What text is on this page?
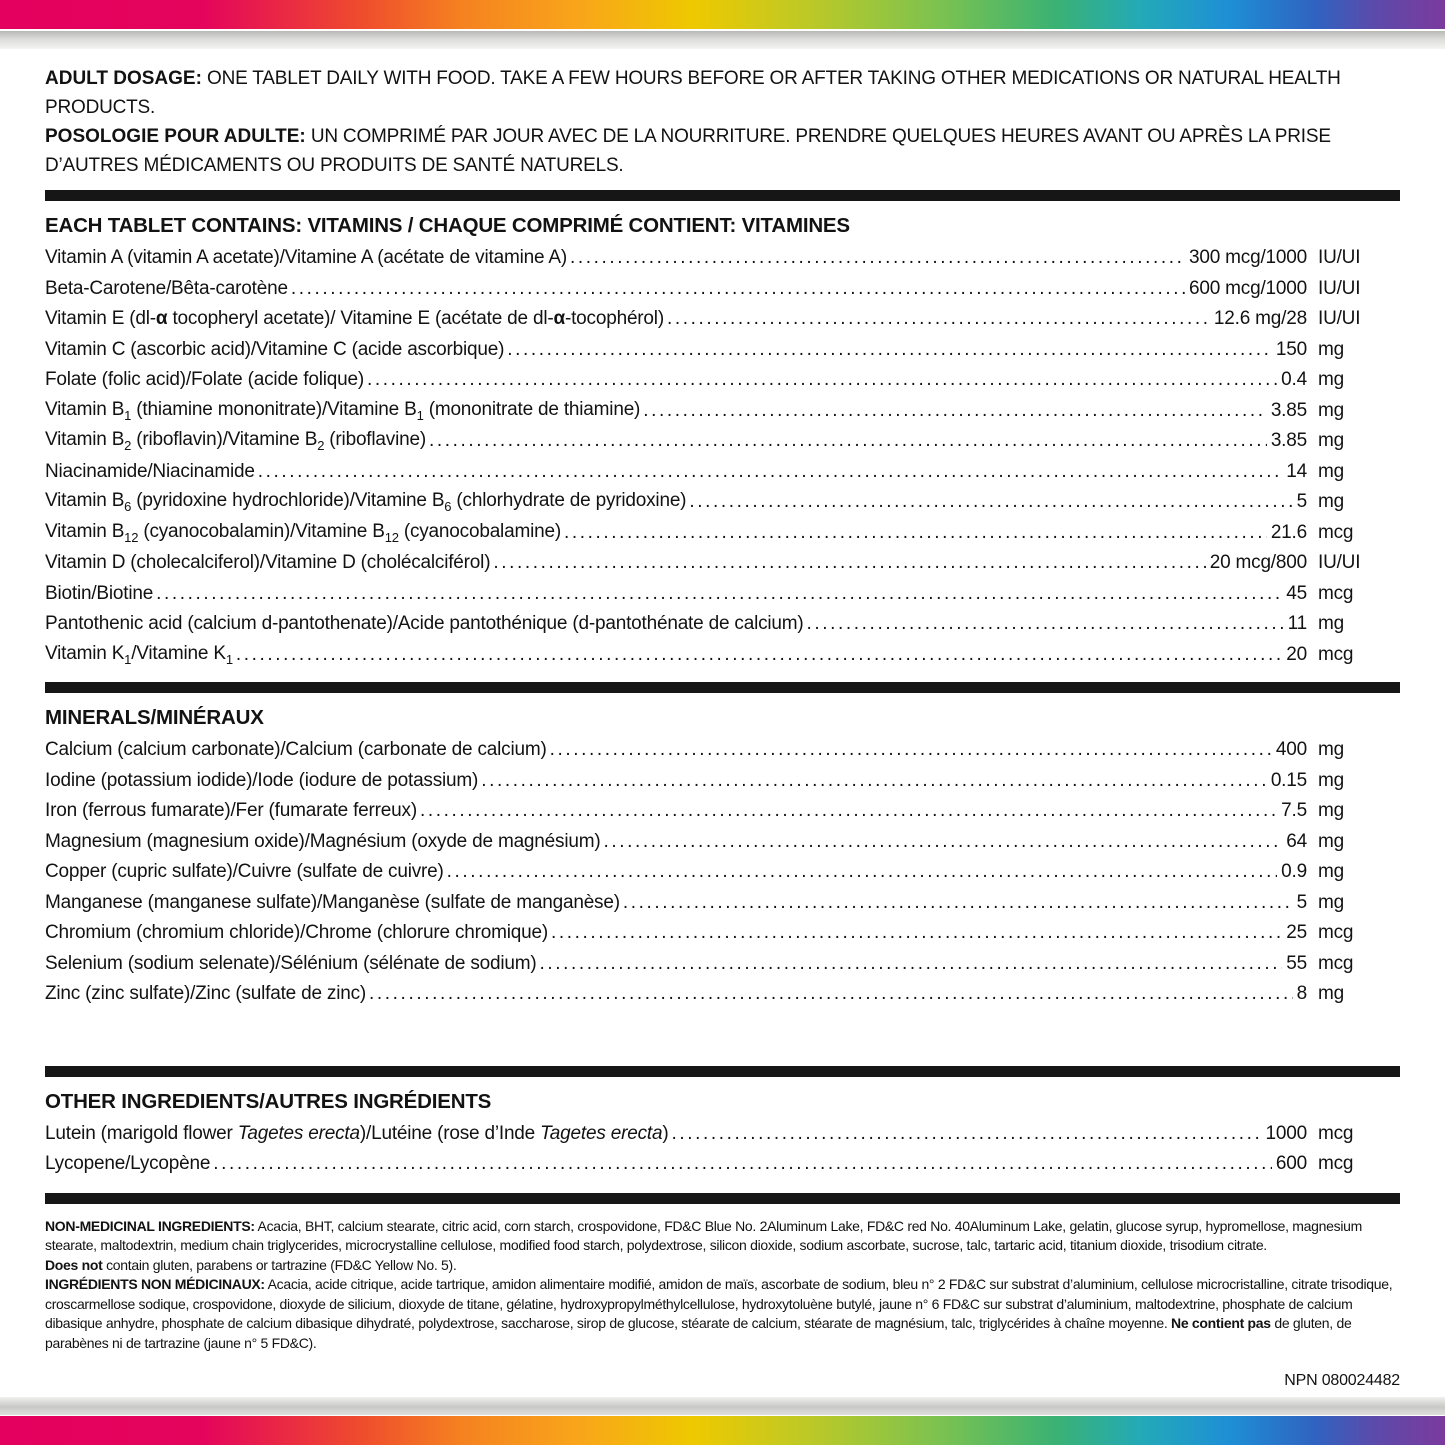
ADULT DOSAGE: ONE TABLET DAILY WITH FOOD. TAKE A FEW HOURS BEFORE OR AFTER TAKING OTHER MEDICATIONS OR NATURAL HEALTH PRODUCTS.

POSOLOGIE POUR ADULTE: UN COMPRIMÉ PAR JOUR AVEC DE LA NOURRITURE. PRENDRE QUELQUES HEURES AVANT OU APRÈS LA PRISE D’AUTRES MÉDICAMENTS OU PRODUITS DE SANTÉ NATURELS.

EACH TABLET CONTAINS: VITAMINS / CHAQUE COMPRIMÉ CONTIENT: VITAMINES
Vitamin A (vitamin A acetate)/Vitamine A (acétate de vitamine A) .....	300 mcg/1000 IU/UI
Beta-Carotene/Bêta-carotène .....	600 mcg/1000 IU/UI
Vitamin E (dl-α tocopheryl acetate)/ Vitamine E (acétate de dl-α-tocophérol) .....	12.6 mg/28 IU/UI
Vitamin C (ascorbic acid)/Vitamine C (acide ascorbique) .....	150 mg
Folate (folic acid)/Folate (acide folique) .....	0.4 mg
Vitamin $B_1$ (thiamine mononitrate)/Vitamine $B_1$ (mononitrate de thiamine) .....	3.85 mg
Vitamin $B_2$ (riboflavin)/Vitamine $B_2$ (riboflavine) .....	3.85 mg
Niacinamide/Niacinamide .....	14 mg
Vitamin $B_6$ (pyridoxine hydrochloride)/Vitamine $B_6$ (chlorhydrate de pyridoxine) .....	5 mg
Vitamin $B_{12}$ (cyanocobalamin)/Vitamine $B_{12}$ (cyanocobalamine) .....	21.6 mcg
Vitamin D (cholecalciferol)/Vitamine D (cholécalciférol) .....	20 mcg/800 IU/UI
Biotin/Biotine .....	45 mcg
Pantothenic acid (calcium d-pantothenate)/Acide pantothénique (d-pantothénate de calcium) .....	11 mg
Vitamin $K_1$/Vitamine $K_1$ .....	20 mcg
MINERALS/MINÉRAUX
Calcium (calcium carbonate)/Calcium (carbonate de calcium) .....	400 mg
Iodine (potassium iodide)/Iode (iodure de potassium) .....	0.15 mg
Iron (ferrous fumarate)/Fer (fumarate ferreux) .....	7.5 mg
Magnesium (magnesium oxide)/Magnésium (oxyde de magnésium) .....	64 mg
Copper (cupric sulfate)/Cuivre (sulfate de cuivre) .....	0.9 mg
Manganese (manganese sulfate)/Manganèse (sulfate de manganèse) .....	5 mg
Chromium (chromium chloride)/Chrome (chlorure chromique) .....	25 mcg
Selenium (sodium selenate)/Sélénium (sélénate de sodium) .....	55 mcg
Zinc (zinc sulfate)/Zinc (sulfate de zinc) .....	8 mg
OTHER INGREDIENTS/AUTRES INGRÉDIENTS
Lutein (marigold flower Tagetes erecta)/Lutéine (rose d’Inde Tagetes erecta) .....	1000 mcg
Lycopene/Lycopène .....	600 mcg

NON-MEDICINAL INGREDIENTS: Acacia, BHT, calcium stearate, citric acid, corn starch, crospovidone, FD&C Blue No. 2Aluminum Lake, FD&C red No. 40Aluminum Lake, gelatin, glucose syrup, hypromellose, magnesium stearate, maltodextrin, medium chain triglycerides, microcrystalline cellulose, modified food starch, polydextrose, silicon dioxide, sodium ascorbate, sucrose, talc, tartaric acid, titanium dioxide, trisodium citrate.

Does not contain gluten, parabens or tartrazine (FD&C Yellow No. 5).

INGRÉDIENTS NON MÉDICINAUX: Acacia, acide citrique, acide tartrique, amidon alimentaire modifié, amidon de maïs, ascorbate de sodium, bleu n° 2 FD&C sur substrat d’aluminium, cellulose microcristalline, citrate trisodique, croscarmellose sodique, crospovidone, dioxyde de silicium, dioxyde de titane, gélatine, hydroxypropylméthylcellulose, hydroxytoluène butylé, jaune n° 6 FD&C sur substrat d’aluminium, maltodextrine, phosphate de calcium dibasique anhydre, phosphate de calcium dibasique dihydraté, polydextrose, saccharose, sirop de glucose, stéarate de calcium, stéarate de magnésium, talc, triglycérides à chaîne moyenne. Ne contient pas de gluten, de parabènes ni de tartrazine (jaune n° 5 FD&C).

NPN 080024482
